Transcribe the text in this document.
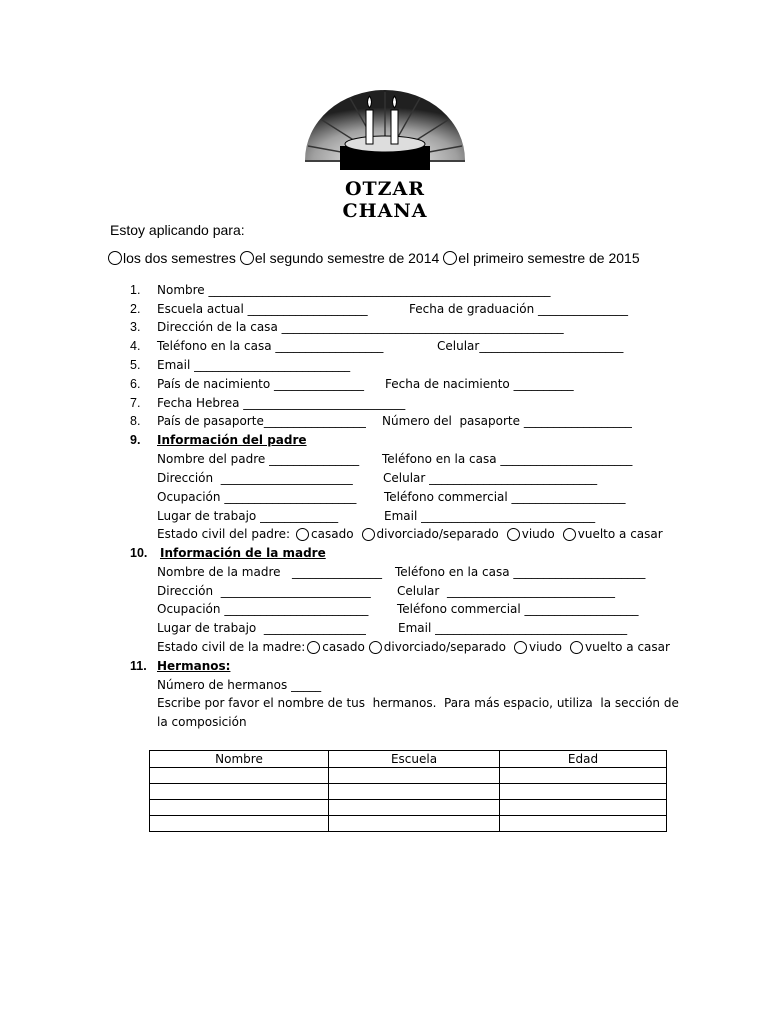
OTZAR CHANA
Estoy aplicando para:
los dos semestres el segundo semestre de 2014 el primeiro semestre de 2015
1. Nombre _________________________________________________________
2. Escuela actual ____________________	Fecha de graduación _______________
3. Dirección de la casa _______________________________________________
4. Teléfono en la casa __________________	Celular________________________
5. Email __________________________
6. País de nacimiento _______________ Fecha de nacimiento __________
7. Fecha Hebrea ___________________________
8. País de pasaporte_________________ Número del  pasaporte __________________
9. Información del padre
Nombre del padre _______________ Teléfono en la casa ______________________
Dirección  ______________________	Celular ____________________________
Ocupación ______________________ Teléfono commercial ___________________
Lugar de trabajo _____________	Email _____________________________
Estado civil del padre: casado divorciado/separado viudo vuelto a casar
10. Información de la madre
Nombre de la madre   _______________ Teléfono en la casa ______________________
Dirección  _________________________ Celular  ____________________________
Ocupación ________________________ Teléfono commercial ___________________
Lugar de trabajo  _________________	Email ________________________________
Estado civil de la madre: casado divorciado/separado viudo vuelto a casar
11. Hermanos:
Número de hermanos _____
Escribe por favor el nombre de tus  hermanos.  Para más espacio, utiliza  la sección de
la composición
Nombre	Escuela	Edad
